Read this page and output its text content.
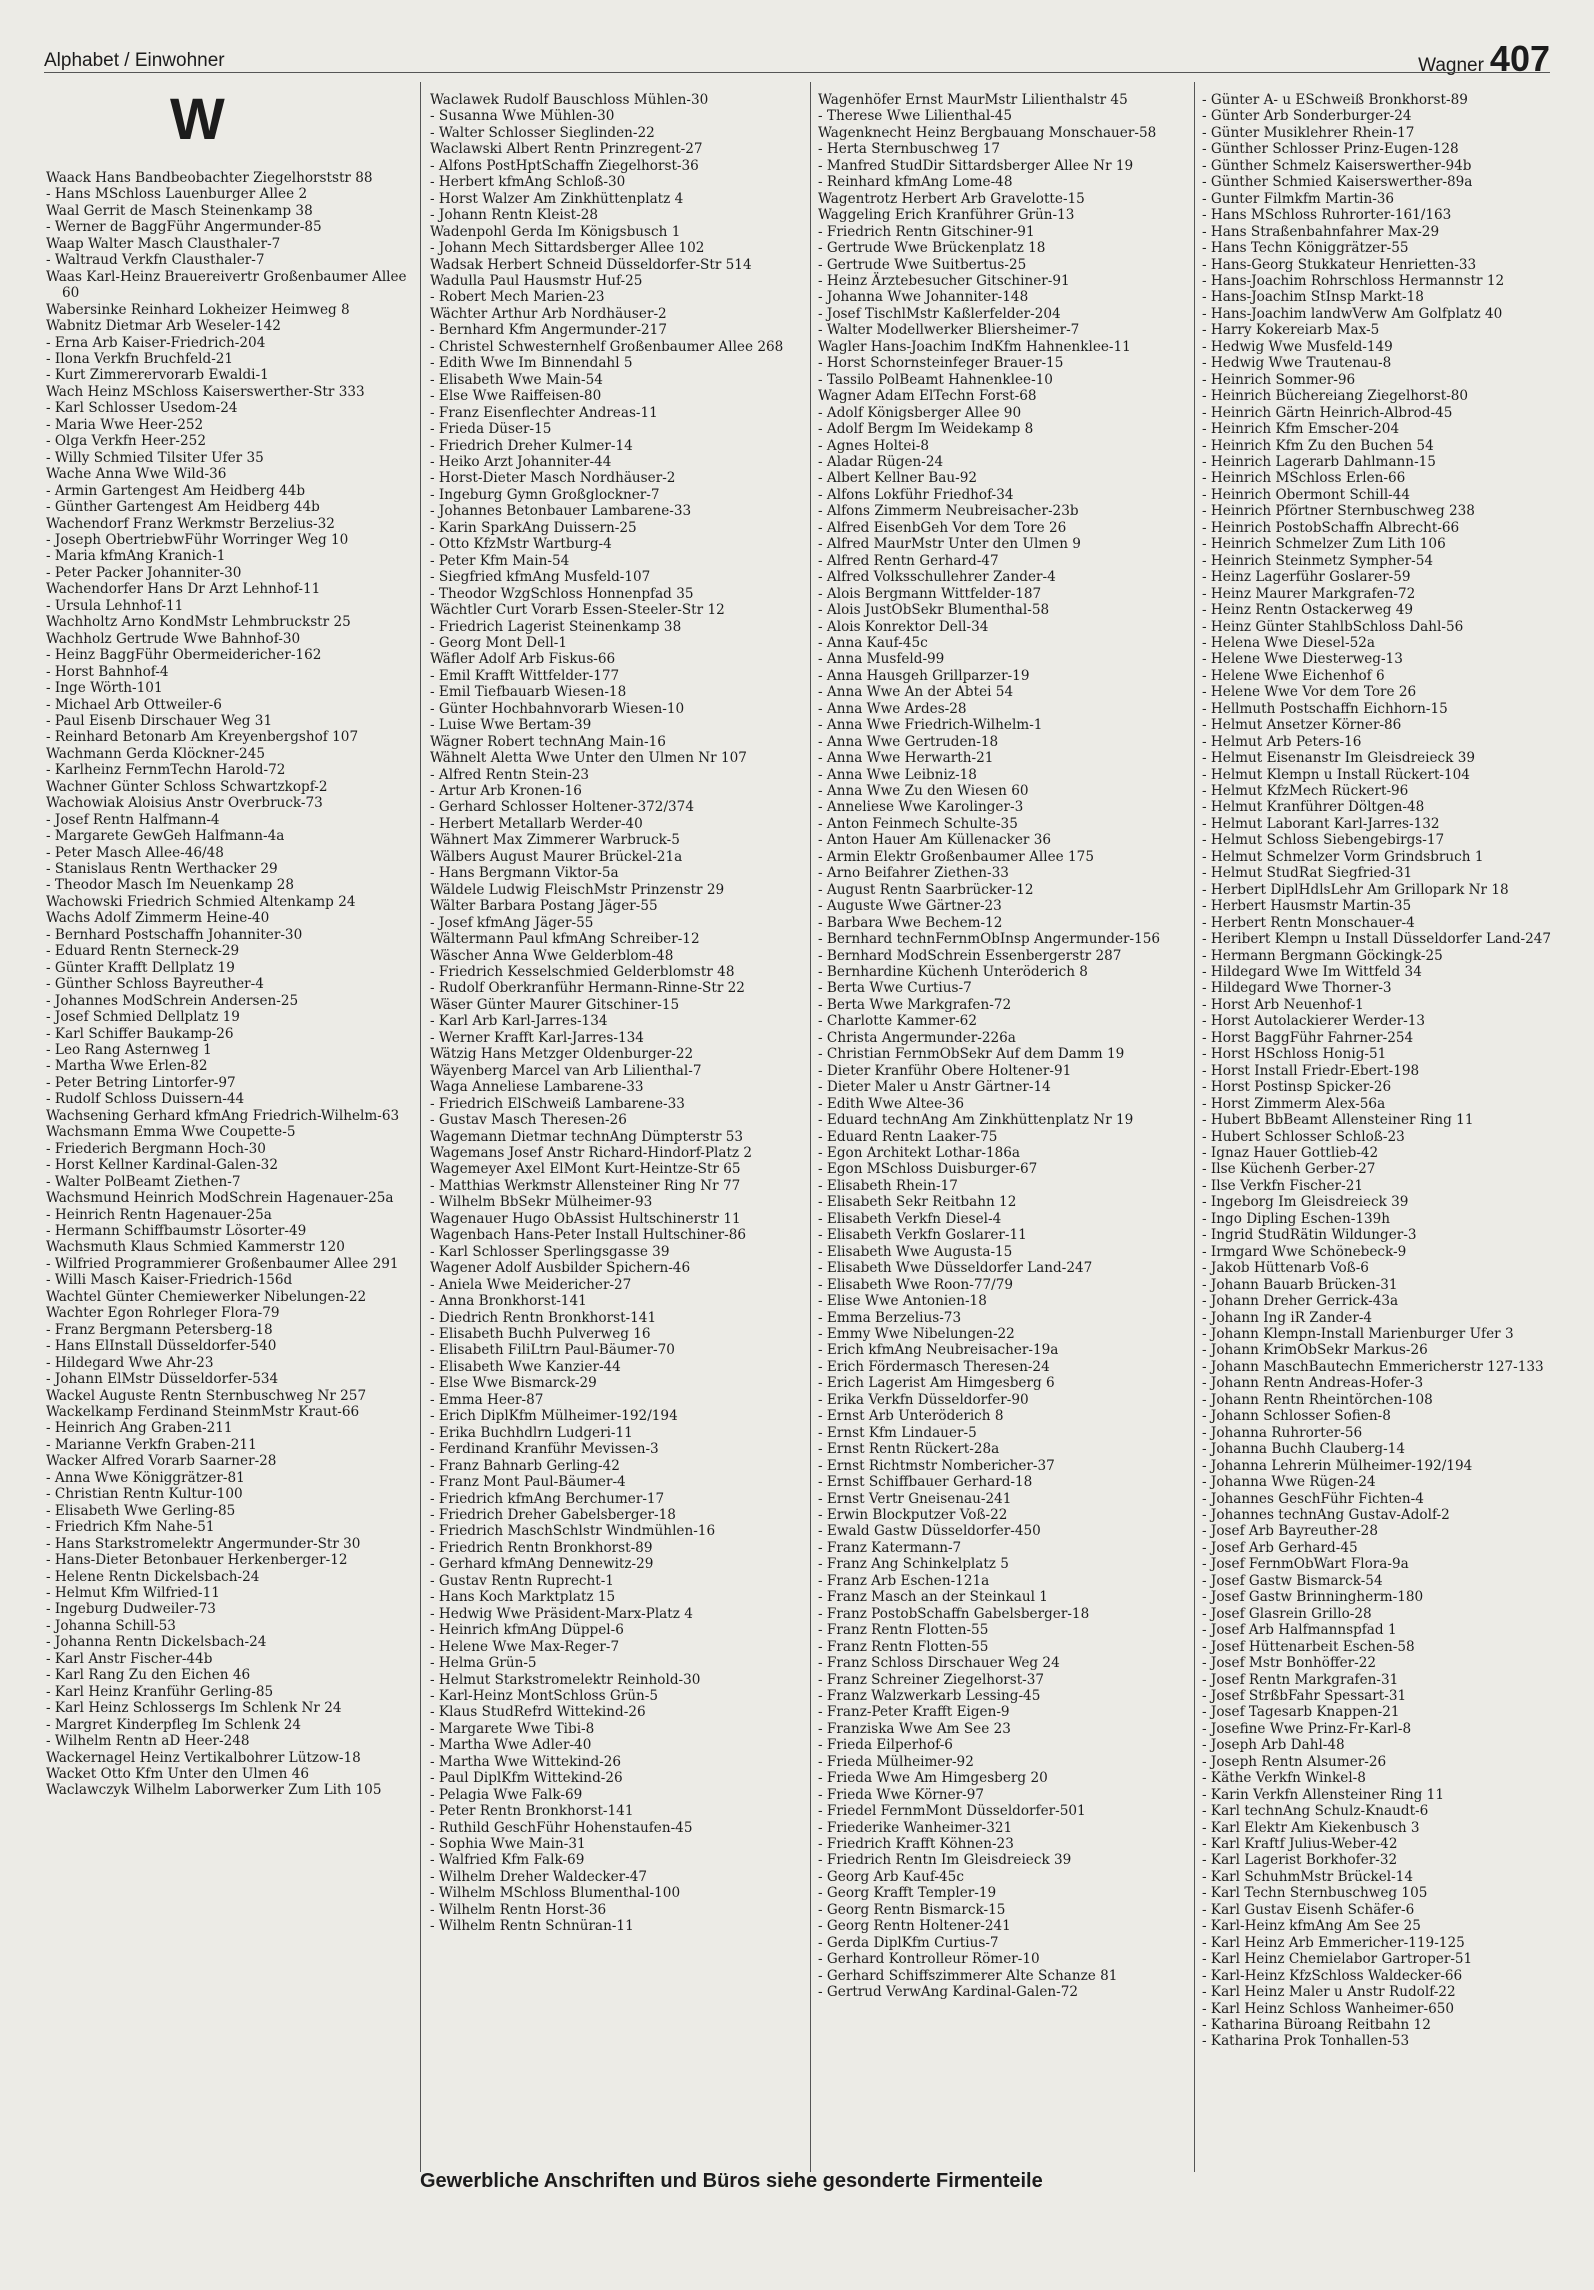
Alphabet / Einwohner	Wagner 407
W
Waack Hans Bandbeobachter Ziegelhorststr 88
- Hans MSchloss Lauenburger Allee 2
Waal Gerrit de Masch Steinenkamp 38
- Werner de BaggFühr Angermunder-85
Waap Walter Masch Clausthaler-7
- Waltraud Verkfn Clausthaler-7
Waas Karl-Heinz Brauereivertr Großenbaumer Allee 60
Wabersinke Reinhard Lokheizer Heimweg 8
Wabnitz Dietmar Arb Weseler-142
- Erna Arb Kaiser-Friedrich-204
- Ilona Verkfn Bruchfeld-21
- Kurt Zimmerervorarb Ewaldi-1
Wach Heinz MSchloss Kaiserswerther-Str 333
- Karl Schlosser Usedom-24
- Maria Wwe Heer-252
- Olga Verkfn Heer-252
- Willy Schmied Tilsiter Ufer 35
Wache Anna Wwe Wild-36
- Armin Gartengest Am Heidberg 44b
- Günther Gartengest Am Heidberg 44b
Wachendorf Franz Werkmstr Berzelius-32
- Joseph ObertriebwFühr Worringer Weg 10
- Maria kfmAng Kranich-1
- Peter Packer Johanniter-30
Wachendorfer Hans Dr Arzt Lehnhof-11
- Ursula Lehnhof-11
Wachholtz Arno KondMstr Lehmbruckstr 25
Wachholz Gertrude Wwe Bahnhof-30
- Heinz BaggFühr Obermeidericher-162
- Horst Bahnhof-4
- Inge Wörth-101
- Michael Arb Ottweiler-6
- Paul Eisenb Dirschauer Weg 31
- Reinhard Betonarb Am Kreyenbergshof 107
Wachmann Gerda Klöckner-245
- Karlheinz FernmTechn Harold-72
Wachner Günter Schloss Schwartzkopf-2
Wachowiak Aloisius Anstr Overbruck-73
- Josef Rentn Halfmann-4
- Margarete GewGeh Halfmann-4a
- Peter Masch Allee-46/48
- Stanislaus Rentn Werthacker 29
- Theodor Masch Im Neuenkamp 28
Wachowski Friedrich Schmied Altenkamp 24
Wachs Adolf Zimmerm Heine-40
- Bernhard Postschaffn Johanniter-30
- Eduard Rentn Sterneck-29
- Günter Krafft Dellplatz 19
- Günther Schloss Bayreuther-4
- Johannes ModSchrein Andersen-25
- Josef Schmied Dellplatz 19
- Karl Schiffer Baukamp-26
- Leo Rang Asternweg 1
- Martha Wwe Erlen-82
- Peter Betring Lintorfer-97
- Rudolf Schloss Duissern-44
Wachsening Gerhard kfmAng Friedrich-Wilhelm-63
Wachsmann Emma Wwe Coupette-5
- Friederich Bergmann Hoch-30
- Horst Kellner Kardinal-Galen-32
- Walter PolBeamt Ziethen-7
Wachsmund Heinrich ModSchrein Hagenauer-25a
- Heinrich Rentn Hagenauer-25a
- Hermann Schiffbaumstr Lösorter-49
Wachsmuth Klaus Schmied Kammerstr 120
- Wilfried Programmierer Großenbaumer Allee 291
- Willi Masch Kaiser-Friedrich-156d
Wachtel Günter Chemiewerker Nibelungen-22
Wachter Egon Rohrleger Flora-79
- Franz Bergmann Petersberg-18
- Hans ElInstall Düsseldorfer-540
- Hildegard Wwe Ahr-23
- Johann ElMstr Düsseldorfer-534
Wackel Auguste Rentn Sternbuschweg Nr 257
Wackelkamp Ferdinand SteinmMstr Kraut-66
- Heinrich Ang Graben-211
- Marianne Verkfn Graben-211
Wacker Alfred Vorarb Saarner-28
- Anna Wwe Königgrätzer-81
- Christian Rentn Kultur-100
- Elisabeth Wwe Gerling-85
- Friedrich Kfm Nahe-51
- Hans Starkstromelektr Angermunder-Str 30
- Hans-Dieter Betonbauer Herkenberger-12
- Helene Rentn Dickelsbach-24
- Helmut Kfm Wilfried-11
- Ingeburg Dudweiler-73
- Johanna Schill-53
- Johanna Rentn Dickelsbach-24
- Karl Anstr Fischer-44b
- Karl Rang Zu den Eichen 46
- Karl Heinz Kranführ Gerling-85
- Karl Heinz Schlossergs Im Schlenk Nr 24
- Margret Kinderpfleg Im Schlenk 24
- Wilhelm Rentn aD Heer-248
Wackernagel Heinz Vertikalbohrer Lützow-18
Wacket Otto Kfm Unter den Ulmen 46
Waclawczyk Wilhelm Laborwerker Zum Lith 105
Waclawek Rudolf Bauschloss Mühlen-30
- Susanna Wwe Mühlen-30
- Walter Schlosser Sieglinden-22
Waclawski Albert Rentn Prinzregent-27
- Alfons PostHptSchaffn Ziegelhorst-36
- Herbert kfmAng Schloß-30
- Horst Walzer Am Zinkhüttenplatz 4
- Johann Rentn Kleist-28
Wadenpohl Gerda Im Königsbusch 1
- Johann Mech Sittardsberger Allee 102
Wadsak Herbert Schneid Düsseldorfer-Str 514
Wadulla Paul Hausmstr Huf-25
- Robert Mech Marien-23
Wächter Arthur Arb Nordhäuser-2
- Bernhard Kfm Angermunder-217
- Christel Schwesternhelf Großenbaumer Allee 268
- Edith Wwe Im Binnendahl 5
- Elisabeth Wwe Main-54
- Else Wwe Raiffeisen-80
- Franz Eisenflechter Andreas-11
- Frieda Düser-15
- Friedrich Dreher Kulmer-14
- Heiko Arzt Johanniter-44
- Horst-Dieter Masch Nordhäuser-2
- Ingeburg Gymn Großglockner-7
- Johannes Betonbauer Lambarene-33
- Karin SparkAng Duissern-25
- Otto KfzMstr Wartburg-4
- Peter Kfm Main-54
- Siegfried kfmAng Musfeld-107
- Theodor WzgSchloss Honnenpfad 35
Wächtler Curt Vorarb Essen-Steeler-Str 12
- Friedrich Lagerist Steinenkamp 38
- Georg Mont Dell-1
Wäfler Adolf Arb Fiskus-66
- Emil Krafft Wittfelder-177
- Emil Tiefbauarb Wiesen-18
- Günter Hochbahnvorarb Wiesen-10
- Luise Wwe Bertam-39
Wägner Robert technAng Main-16
Wähnelt Aletta Wwe Unter den Ulmen Nr 107
- Alfred Rentn Stein-23
- Artur Arb Kronen-16
- Gerhard Schlosser Holtener-372/374
- Herbert Metallarb Werder-40
Wähnert Max Zimmerer Warbruck-5
Wälbers August Maurer Brückel-21a
- Hans Bergmann Viktor-5a
Wäldele Ludwig FleischMstr Prinzenstr 29
Wälter Barbara Postang Jäger-55
- Josef kfmAng Jäger-55
Wältermann Paul kfmAng Schreiber-12
Wäscher Anna Wwe Gelderblom-48
- Friedrich Kesselschmied Gelderblomstr 48
- Rudolf Oberkranführ Hermann-Rinne-Str 22
Wäser Günter Maurer Gitschiner-15
- Karl Arb Karl-Jarres-134
- Werner Krafft Karl-Jarres-134
Wätzig Hans Metzger Oldenburger-22
Wäyenberg Marcel van Arb Lilienthal-7
Waga Anneliese Lambarene-33
- Friedrich ElSchweiß Lambarene-33
- Gustav Masch Theresen-26
Wagemann Dietmar technAng Dümpterstr 53
Wagemans Josef Anstr Richard-Hindorf-Platz 2
Wagemeyer Axel ElMont Kurt-Heintze-Str 65
- Matthias Werkmstr Allensteiner Ring Nr 77
- Wilhelm BbSekr Mülheimer-93
Wagenauer Hugo ObAssist Hultschinerstr 11
Wagenbach Hans-Peter Install Hultschiner-86
- Karl Schlosser Sperlingsgasse 39
Wagener Adolf Ausbilder Spichern-46
- Aniela Wwe Meidericher-27
- Anna Bronkhorst-141
- Diedrich Rentn Bronkhorst-141
- Elisabeth Buchh Pulverweg 16
- Elisabeth FiliLtrn Paul-Bäumer-70
- Elisabeth Wwe Kanzier-44
- Else Wwe Bismarck-29
- Emma Heer-87
- Erich DiplKfm Mülheimer-192/194
- Erika Buchhdlrn Ludgeri-11
- Ferdinand Kranführ Mevissen-3
- Franz Bahnarb Gerling-42
- Franz Mont Paul-Bäumer-4
- Friedrich kfmAng Berchumer-17
- Friedrich Dreher Gabelsberger-18
- Friedrich MaschSchlstr Windmühlen-16
- Friedrich Rentn Bronkhorst-89
- Gerhard kfmAng Dennewitz-29
- Gustav Rentn Ruprecht-1
- Hans Koch Marktplatz 15
- Hedwig Wwe Präsident-Marx-Platz 4
- Heinrich kfmAng Düppel-6
- Helene Wwe Max-Reger-7
- Helma Grün-5
- Helmut Starkstromelektr Reinhold-30
- Karl-Heinz MontSchloss Grün-5
- Klaus StudRefrd Wittekind-26
- Margarete Wwe Tibi-8
- Martha Wwe Adler-40
- Martha Wwe Wittekind-26
- Paul DiplKfm Wittekind-26
- Pelagia Wwe Falk-69
- Peter Rentn Bronkhorst-141
- Ruthild GeschFühr Hohenstaufen-45
- Sophia Wwe Main-31
- Walfried Kfm Falk-69
- Wilhelm Dreher Waldecker-47
- Wilhelm MSchloss Blumenthal-100
- Wilhelm Rentn Horst-36
- Wilhelm Rentn Schnüran-11
Wagenhöfer Ernst MaurMstr Lilienthalstr 45
- Therese Wwe Lilienthal-45
Wagenknecht Heinz Bergbauang Monschauer-58
- Herta Sternbuschweg 17
- Manfred StudDir Sittardsberger Allee Nr 19
- Reinhard kfmAng Lome-48
Wagentrotz Herbert Arb Gravelotte-15
Waggeling Erich Kranführer Grün-13
- Friedrich Rentn Gitschiner-91
- Gertrude Wwe Brückenplatz 18
- Gertrude Wwe Suitbertus-25
- Heinz Ärztebesucher Gitschiner-91
- Johanna Wwe Johanniter-148
- Josef TischlMstr Kaßlerfelder-204
- Walter Modellwerker Bliersheimer-7
Wagler Hans-Joachim IndKfm Hahnenklee-11
- Horst Schornsteinfeger Brauer-15
- Tassilo PolBeamt Hahnenklee-10
Wagner Adam ElTechn Forst-68
- Adolf Königsberger Allee 90
- Adolf Bergm Im Weidekamp 8
- Agnes Holtei-8
- Aladar Rügen-24
- Albert Kellner Bau-92
- Alfons Lokführ Friedhof-34
- Alfons Zimmerm Neubreisacher-23b
- Alfred EisenbGeh Vor dem Tore 26
- Alfred MaurMstr Unter den Ulmen 9
- Alfred Rentn Gerhard-47
- Alfred Volksschullehrer Zander-4
- Alois Bergmann Wittfelder-187
- Alois JustObSekr Blumenthal-58
- Alois Konrektor Dell-34
- Anna Kauf-45c
- Anna Musfeld-99
- Anna Hausgeh Grillparzer-19
- Anna Wwe An der Abtei 54
- Anna Wwe Ardes-28
- Anna Wwe Friedrich-Wilhelm-1
- Anna Wwe Gertruden-18
- Anna Wwe Herwarth-21
- Anna Wwe Leibniz-18
- Anna Wwe Zu den Wiesen 60
- Anneliese Wwe Karolinger-3
- Anton Feinmech Schulte-35
- Anton Hauer Am Küllenacker 36
- Armin Elektr Großenbaumer Allee 175
- Arno Beifahrer Ziethen-33
- August Rentn Saarbrücker-12
- Auguste Wwe Gärtner-23
- Barbara Wwe Bechem-12
- Bernhard technFernmObInsp Angermunder-156
- Bernhard ModSchrein Essenbergerstr 287
- Bernhardine Küchenh Unteröderich 8
- Berta Wwe Curtius-7
- Berta Wwe Markgrafen-72
- Charlotte Kammer-62
- Christa Angermunder-226a
- Christian FernmObSekr Auf dem Damm 19
- Dieter Kranführ Obere Holtener-91
- Dieter Maler u Anstr Gärtner-14
- Edith Wwe Altee-36
- Eduard technAng Am Zinkhüttenplatz Nr 19
- Eduard Rentn Laaker-75
- Egon Architekt Lothar-186a
- Egon MSchloss Duisburger-67
- Elisabeth Rhein-17
- Elisabeth Sekr Reitbahn 12
- Elisabeth Verkfn Diesel-4
- Elisabeth Verkfn Goslarer-11
- Elisabeth Wwe Augusta-15
- Elisabeth Wwe Düsseldorfer Land-247
- Elisabeth Wwe Roon-77/79
- Elise Wwe Antonien-18
- Emma Berzelius-73
- Emmy Wwe Nibelungen-22
- Erich kfmAng Neubreisacher-19a
- Erich Fördermasch Theresen-24
- Erich Lagerist Am Himgesberg 6
- Erika Verkfn Düsseldorfer-90
- Ernst Arb Unteröderich 8
- Ernst Kfm Lindauer-5
- Ernst Rentn Rückert-28a
- Ernst Richtmstr Nombericher-37
- Ernst Schiffbauer Gerhard-18
- Ernst Vertr Gneisenau-241
- Erwin Blockputzer Voß-22
- Ewald Gastw Düsseldorfer-450
- Franz Katermann-7
- Franz Ang Schinkelplatz 5
- Franz Arb Eschen-121a
- Franz Masch an der Steinkaul 1
- Franz PostobSchaffn Gabelsberger-18
- Franz Rentn Flotten-55
- Franz Rentn Flotten-55
- Franz Schloss Dirschauer Weg 24
- Franz Schreiner Ziegelhorst-37
- Franz Walzwerkarb Lessing-45
- Franz-Peter Krafft Eigen-9
- Franziska Wwe Am See 23
- Frieda Eilperhof-6
- Frieda Mülheimer-92
- Frieda Wwe Am Himgesberg 20
- Frieda Wwe Körner-97
- Friedel FernmMont Düsseldorfer-501
- Friederike Wanheimer-321
- Friedrich Krafft Köhnen-23
- Friedrich Rentn Im Gleisdreieck 39
- Georg Arb Kauf-45c
- Georg Krafft Templer-19
- Georg Rentn Bismarck-15
- Georg Rentn Holtener-241
- Gerda DiplKfm Curtius-7
- Gerhard Kontrolleur Römer-10
- Gerhard Schiffszimmerer Alte Schanze 81
- Gertrud VerwAng Kardinal-Galen-72
- Günter A- u ESchweiß Bronkhorst-89
- Günter Arb Sonderburger-24
- Günter Musiklehrer Rhein-17
- Günther Schlosser Prinz-Eugen-128
- Günther Schmelz Kaiserswerther-94b
- Günther Schmied Kaiserswerther-89a
- Gunter Filmkfm Martin-36
- Hans MSchloss Ruhrorter-161/163
- Hans Straßenbahnfahrer Max-29
- Hans Techn Königgrätzer-55
- Hans-Georg Stukkateur Henrietten-33
- Hans-Joachim Rohrschloss Hermannstr 12
- Hans-Joachim StInsp Markt-18
- Hans-Joachim landwVerw Am Golfplatz 40
- Harry Kokereiarb Max-5
- Hedwig Wwe Musfeld-149
- Hedwig Wwe Trautenau-8
- Heinrich Sommer-96
- Heinrich Büchereiang Ziegelhorst-80
- Heinrich Gärtn Heinrich-Albrod-45
- Heinrich Kfm Emscher-204
- Heinrich Kfm Zu den Buchen 54
- Heinrich Lagerarb Dahlmann-15
- Heinrich MSchloss Erlen-66
- Heinrich Obermont Schill-44
- Heinrich Pförtner Sternbuschweg 238
- Heinrich PostobSchaffn Albrecht-66
- Heinrich Schmelzer Zum Lith 106
- Heinrich Steinmetz Sympher-54
- Heinz Lagerführ Goslarer-59
- Heinz Maurer Markgrafen-72
- Heinz Rentn Ostackerweg 49
- Heinz Günter StahlbSchloss Dahl-56
- Helena Wwe Diesel-52a
- Helene Wwe Diesterweg-13
- Helene Wwe Eichenhof 6
- Helene Wwe Vor dem Tore 26
- Hellmuth Postschaffn Eichhorn-15
- Helmut Ansetzer Körner-86
- Helmut Arb Peters-16
- Helmut Eisenanstr Im Gleisdreieck 39
- Helmut Klempn u Install Rückert-104
- Helmut KfzMech Rückert-96
- Helmut Kranführer Döltgen-48
- Helmut Laborant Karl-Jarres-132
- Helmut Schloss Siebengebirgs-17
- Helmut Schmelzer Vorm Grindsbruch 1
- Helmut StudRat Siegfried-31
- Herbert DiplHdlsLehr Am Grillopark Nr 18
- Herbert Hausmstr Martin-35
- Herbert Rentn Monschauer-4
- Heribert Klempn u Install Düsseldorfer Land-247
- Hermann Bergmann Göckingk-25
- Hildegard Wwe Im Wittfeld 34
- Hildegard Wwe Thorner-3
- Horst Arb Neuenhof-1
- Horst Autolackierer Werder-13
- Horst BaggFühr Fahrner-254
- Horst HSchloss Honig-51
- Horst Install Friedr-Ebert-198
- Horst Postinsp Spicker-26
- Horst Zimmerm Alex-56a
- Hubert BbBeamt Allensteiner Ring 11
- Hubert Schlosser Schloß-23
- Ignaz Hauer Gottlieb-42
- Ilse Küchenh Gerber-27
- Ilse Verkfn Fischer-21
- Ingeborg Im Gleisdreieck 39
- Ingo Dipling Eschen-139h
- Ingrid StudRätin Wildunger-3
- Irmgard Wwe Schönebeck-9
- Jakob Hüttenarb Voß-6
- Johann Bauarb Brücken-31
- Johann Dreher Gerrick-43a
- Johann Ing iR Zander-4
- Johann Klempn-Install Marienburger Ufer 3
- Johann KrimObSekr Markus-26
- Johann MaschBautechn Emmericherstr 127-133
- Johann Rentn Andreas-Hofer-3
- Johann Rentn Rheintörchen-108
- Johann Schlosser Sofien-8
- Johanna Ruhrorter-56
- Johanna Buchh Clauberg-14
- Johanna Lehrerin Mülheimer-192/194
- Johanna Wwe Rügen-24
- Johannes GeschFühr Fichten-4
- Johannes technAng Gustav-Adolf-2
- Josef Arb Bayreuther-28
- Josef Arb Gerhard-45
- Josef FernmObWart Flora-9a
- Josef Gastw Bismarck-54
- Josef Gastw Brinningherm-180
- Josef Glasrein Grillo-28
- Josef Arb Halfmannspfad 1
- Josef Hüttenarbeit Eschen-58
- Josef Mstr Bonhöffer-22
- Josef Rentn Markgrafen-31
- Josef StrßbFahr Spessart-31
- Josef Tagesarb Knappen-21
- Josefine Wwe Prinz-Fr-Karl-8
- Joseph Arb Dahl-48
- Joseph Rentn Alsumer-26
- Käthe Verkfn Winkel-8
- Karin Verkfn Allensteiner Ring 11
- Karl technAng Schulz-Knaudt-6
- Karl Elektr Am Kiekenbusch 3
- Karl Kraftf Julius-Weber-42
- Karl Lagerist Borkhofer-32
- Karl SchuhmMstr Brückel-14
- Karl Techn Sternbuschweg 105
- Karl Gustav Eisenh Schäfer-6
- Karl-Heinz kfmAng Am See 25
- Karl Heinz Arb Emmericher-119-125
- Karl Heinz Chemielabor Gartroper-51
- Karl-Heinz KfzSchloss Waldecker-66
- Karl Heinz Maler u Anstr Rudolf-22
- Karl Heinz Schloss Wanheimer-650
- Katharina Büroang Reitbahn 12
- Katharina Prok Tonhallen-53
Gewerbliche Anschriften und Büros siehe gesonderte Firmenteile
